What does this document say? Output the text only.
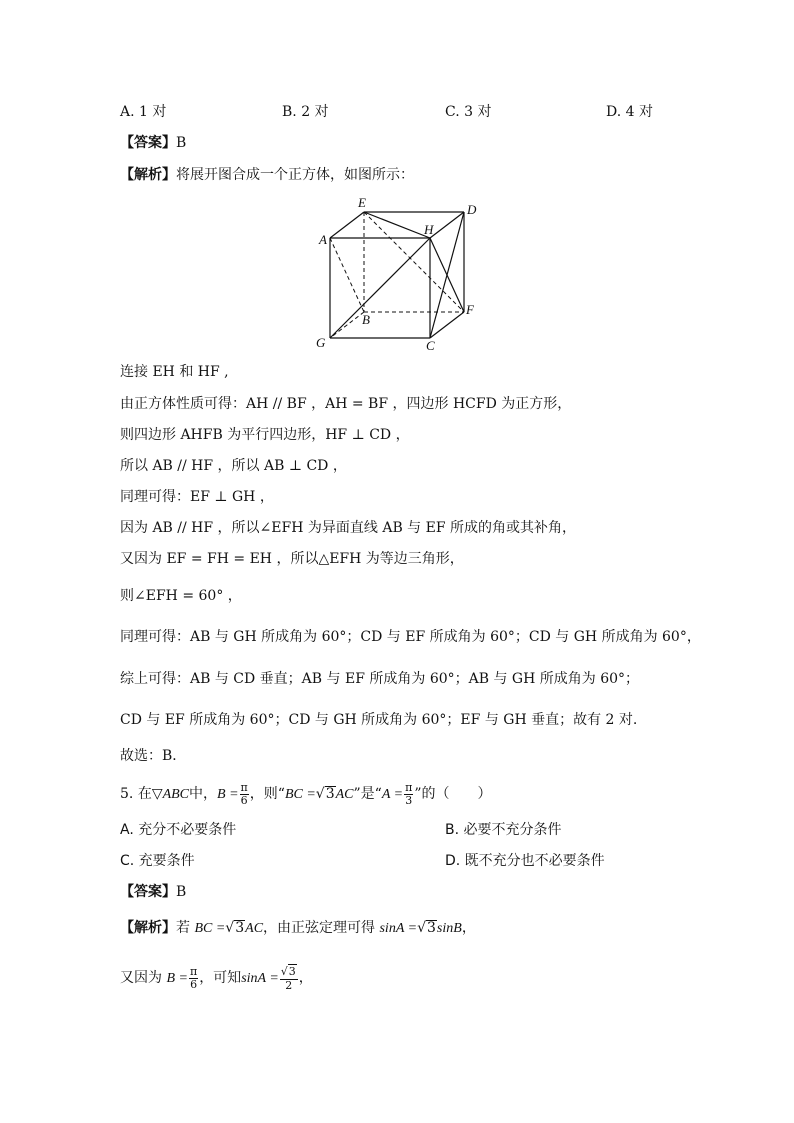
A. 1 对	B. 2 对	C. 3 对	D. 4 对
【答案】B
【解析】将展开图合成一个正方体，如图所示：
E	D
A
H
B
F
G	C
连接 EH 和 HF ,
由正方体性质可得：AH // BF ，AH = BF ，四边形 HCFD 为正方形，
则四边形 AHFB 为平行四边形，HF ⊥ CD ，
所以 AB // HF ，所以 AB ⊥ CD ，
同理可得：EF ⊥ GH ，
因为 AB // HF ，所以∠EFH 为异面直线 AB 与 EF 所成的角或其补角，
又因为 EF = FH = EH ，所以△EFH 为等边三角形，
则∠EFH = 60° ，
同理可得：AB 与 GH 所成角为 60°；CD 与 EF 所成角为 60°；CD 与 GH 所成角为 60°，
综上可得：AB 与 CD 垂直；AB 与 EF 所成角为 60°；AB 与 GH 所成角为 60°；
CD 与 EF 所成角为 60°；CD 与 GH 所成角为 60°；EF 与 GH 垂直；故有 2 对.
故选：B．
5. 在▽ABC中，$B = \frac{\pi}{6}$ ，则“BC =√3AC”是“$A = \frac{\pi}{3}$ ”的（　　）
A. 充分不必要条件	B. 必要不充分条件
C. 充要条件	D. 既不充分也不必要条件
【答案】B
【解析】若 BC =√3AC，由正弦定理可得 sinA =√3sinB，
又因为 $B = \frac{\pi}{6}$ ，可知$\sin A = \frac{√3}{2}$ ，
